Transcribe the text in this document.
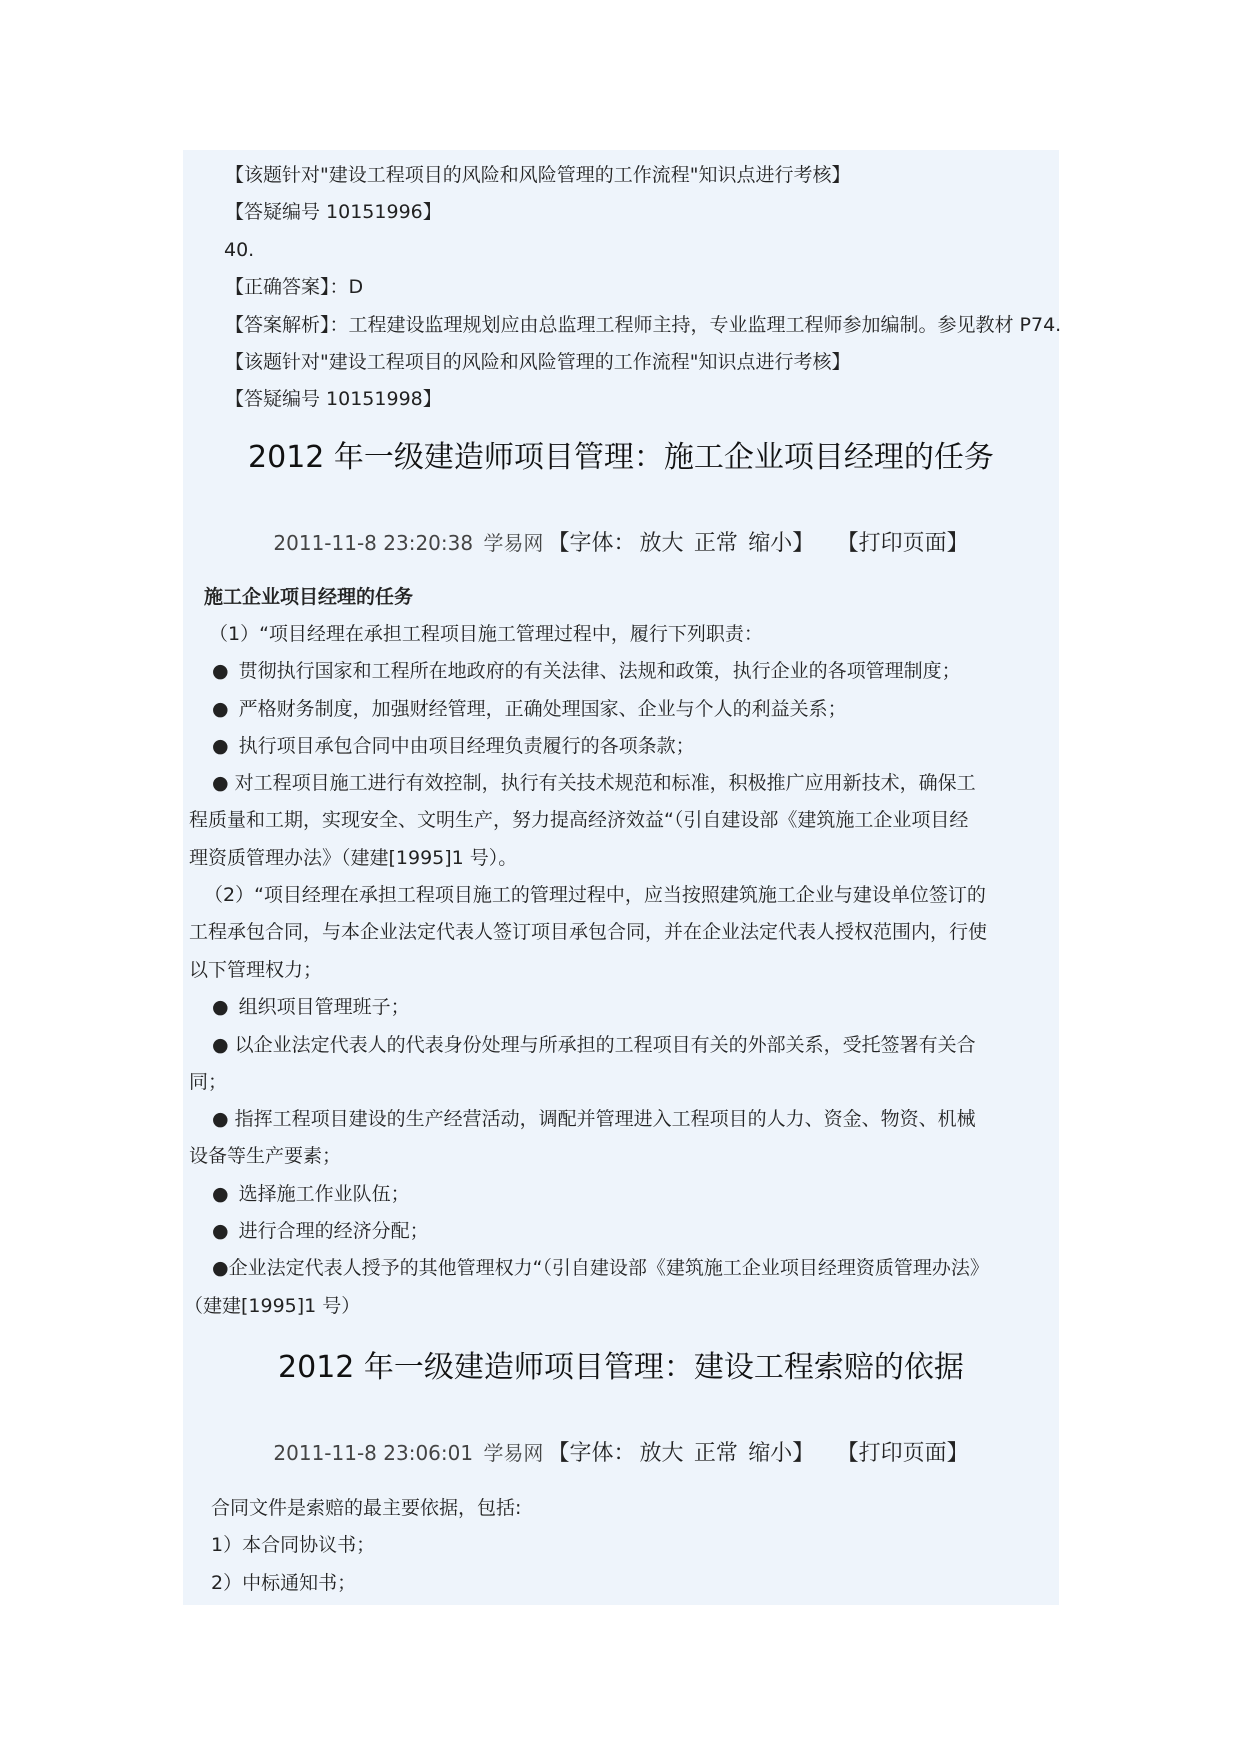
【该题针对"建设工程项目的风险和风险管理的工作流程"知识点进行考核】
【答疑编号 10151996】
40.
【正确答案】：D
【答案解析】：工程建设监理规划应由总监理工程师主持，专业监理工程师参加编制。参见教材 P74.
【该题针对"建设工程项目的风险和风险管理的工作流程"知识点进行考核】
【答疑编号 10151998】
2012 年一级建造师项目管理：施工企业项目经理的任务
2011-11-8 23:20:38 学易网 【字体： 放大 正常 缩小】 【打印页面】
施工企业项目经理的任务
（1）“项目经理在承担工程项目施工管理过程中，履行下列职责：
● 贯彻执行国家和工程所在地政府的有关法律、法规和政策，执行企业的各项管理制度；
● 严格财务制度，加强财经管理，正确处理国家、企业与个人的利益关系；
● 执行项目承包合同中由项目经理负责履行的各项条款；
● 对工程项目施工进行有效控制，执行有关技术规范和标准，积极推广应用新技术，确保工
程质量和工期，实现安全、文明生产，努力提高经济效益“（引自建设部《建筑施工企业项目经
理资质管理办法》（建建[1995]1 号）。
（2）“项目经理在承担工程项目施工的管理过程中，应当按照建筑施工企业与建设单位签订的
工程承包合同，与本企业法定代表人签订项目承包合同，并在企业法定代表人授权范围内，行使
以下管理权力；
● 组织项目管理班子；
● 以企业法定代表人的代表身份处理与所承担的工程项目有关的外部关系，受托签署有关合
同；
● 指挥工程项目建设的生产经营活动，调配并管理进入工程项目的人力、资金、物资、机械
设备等生产要素；
● 选择施工作业队伍；
● 进行合理的经济分配；
●企业法定代表人授予的其他管理权力“（引自建设部《建筑施工企业项目经理资质管理办法》
（建建[1995]1 号）
2012 年一级建造师项目管理：建设工程索赔的依据
2011-11-8 23:06:01 学易网 【字体： 放大 正常 缩小】 【打印页面】
合同文件是索赔的最主要依据，包括:
1）本合同协议书；
2）中标通知书；
